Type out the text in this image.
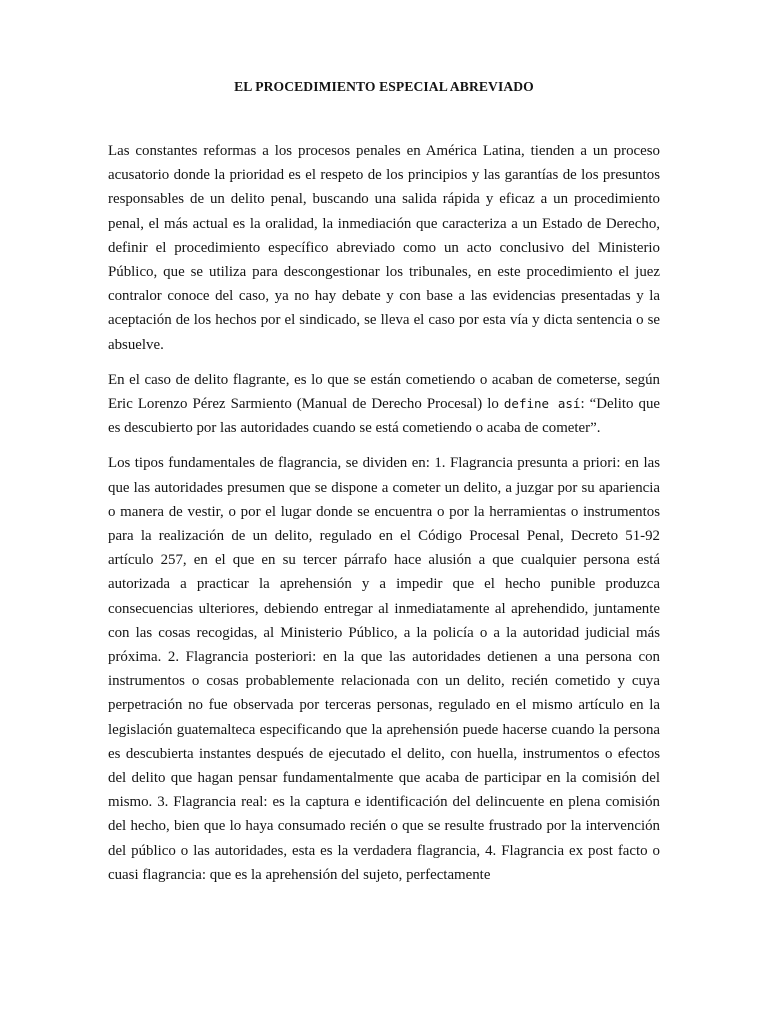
EL PROCEDIMIENTO ESPECIAL ABREVIADO

Las constantes reformas a los procesos penales en América Latina, tienden a un proceso acusatorio donde la prioridad es el respeto de los principios y las garantías de los presuntos responsables de un delito penal, buscando una salida rápida y eficaz a un procedimiento penal, el más actual es la oralidad, la inmediación que caracteriza a un Estado de Derecho, definir el procedimiento específico abreviado como un acto conclusivo del Ministerio Público, que se utiliza para descongestionar los tribunales, en este procedimiento el juez contralor conoce del caso, ya no hay debate y con base a las evidencias presentadas y la aceptación de los hechos por el sindicado, se lleva el caso por esta vía y dicta sentencia o se absuelve.

En el caso de delito flagrante, es lo que se están cometiendo o acaban de cometerse, según Eric Lorenzo Pérez Sarmiento (Manual de Derecho Procesal) lo define así: “Delito que es descubierto por las autoridades cuando se está cometiendo o acaba de cometer”.

Los tipos fundamentales de flagrancia, se dividen en: 1. Flagrancia presunta a priori: en las que las autoridades presumen que se dispone a cometer un delito, a juzgar por su apariencia o manera de vestir, o por el lugar donde se encuentra o por la herramientas o instrumentos para la realización de un delito, regulado en el Código Procesal Penal, Decreto 51-92 artículo 257, en el que en su tercer párrafo hace alusión a que cualquier persona está autorizada a practicar la aprehensión y a impedir que el hecho punible produzca consecuencias ulteriores, debiendo entregar al inmediatamente al aprehendido, juntamente con las cosas recogidas, al Ministerio Público, a la policía o a la autoridad judicial más próxima. 2. Flagrancia posteriori: en la que las autoridades detienen a una persona con instrumentos o cosas probablemente relacionada con un delito, recién cometido y cuya perpetración no fue observada por terceras personas, regulado en el mismo artículo en la legislación guatemalteca especificando que la aprehensión puede hacerse cuando la persona es descubierta instantes después de ejecutado el delito, con huella, instrumentos o efectos del delito que hagan pensar fundamentalmente que acaba de participar en la comisión del mismo. 3. Flagrancia real: es la captura e identificación del delincuente en plena comisión del hecho, bien que lo haya consumado recién o que se resulte frustrado por la intervención del público o las autoridades, esta es la verdadera flagrancia, 4. Flagrancia ex post facto o cuasi flagrancia: que es la aprehensión del sujeto, perfectamente
